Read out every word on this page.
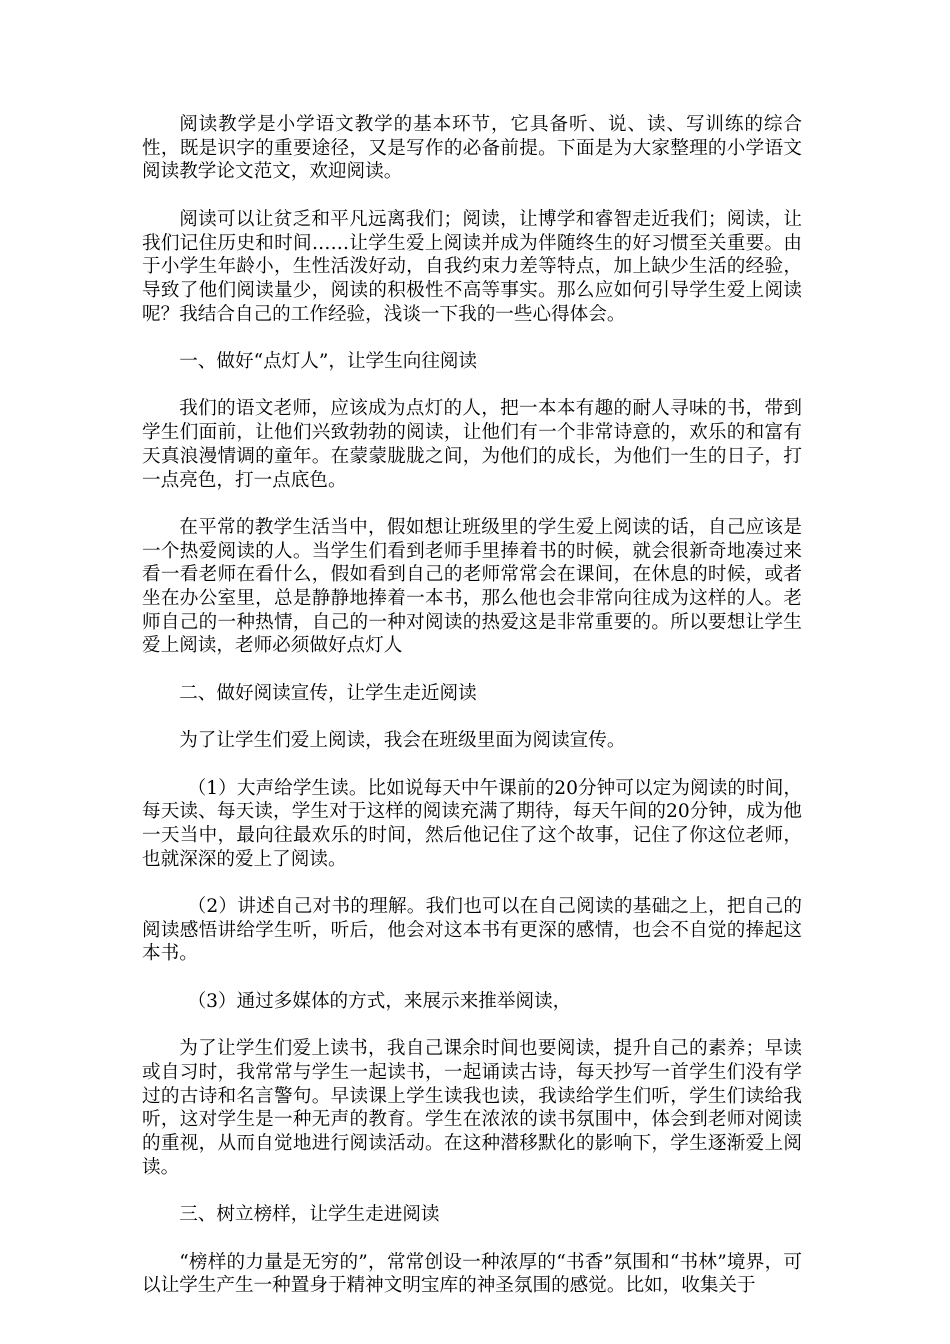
阅读教学是小学语文教学的基本环节，它具备听、说、读、写训练的综合性，既是识字的重要途径，又是写作的必备前提。下面是为大家整理的小学语文阅读教学论文范文，欢迎阅读。

阅读可以让贫乏和平凡远离我们；阅读，让博学和睿智走近我们；阅读，让我们记住历史和时间……让学生爱上阅读并成为伴随终生的好习惯至关重要。由于小学生年龄小，生性活泼好动，自我约束力差等特点，加上缺少生活的经验，导致了他们阅读量少，阅读的积极性不高等事实。那么应如何引导学生爱上阅读呢？我结合自己的工作经验，浅谈一下我的一些心得体会。

一、做好“点灯人”，让学生向往阅读

我们的语文老师，应该成为点灯的人，把一本本有趣的耐人寻味的书，带到学生们面前，让他们兴致勃勃的阅读，让他们有一个非常诗意的，欢乐的和富有天真浪漫情调的童年。在蒙蒙胧胧之间，为他们的成长，为他们一生的日子，打一点亮色，打一点底色。

在平常的教学生活当中，假如想让班级里的学生爱上阅读的话，自己应该是一个热爱阅读的人。当学生们看到老师手里捧着书的时候，就会很新奇地凑过来看一看老师在看什么，假如看到自己的老师常常会在课间，在休息的时候，或者坐在办公室里，总是静静地捧着一本书，那么他也会非常向往成为这样的人。老师自己的一种热情，自己的一种对阅读的热爱这是非常重要的。所以要想让学生爱上阅读，老师必须做好点灯人

二、做好阅读宣传，让学生走近阅读

为了让学生们爱上阅读，我会在班级里面为阅读宣传。

（1）大声给学生读。比如说每天中午课前的20分钟可以定为阅读的时间，每天读、每天读，学生对于这样的阅读充满了期待，每天午间的20分钟，成为他一天当中，最向往最欢乐的时间，然后他记住了这个故事，记住了你这位老师，也就深深的爱上了阅读。

（2）讲述自己对书的理解。我们也可以在自己阅读的基础之上，把自己的阅读感悟讲给学生听，听后，他会对这本书有更深的感情，也会不自觉的捧起这本书。

（3）通过多媒体的方式，来展示来推举阅读，

为了让学生们爱上读书，我自己课余时间也要阅读，提升自己的素养；早读或自习时，我常常与学生一起读书，一起诵读古诗，每天抄写一首学生们没有学过的古诗和名言警句。早读课上学生读我也读，我读给学生们听，学生们读给我听，这对学生是一种无声的教育。学生在浓浓的读书氛围中，体会到老师对阅读的重视，从而自觉地进行阅读活动。在这种潜移默化的影响下，学生逐渐爱上阅读。

三、树立榜样，让学生走进阅读

“榜样的力量是无穷的”，常常创设一种浓厚的“书香”氛围和“书林”境界，可以让学生产生一种置身于精神文明宝库的神圣氛围的感觉。比如，收集关于
